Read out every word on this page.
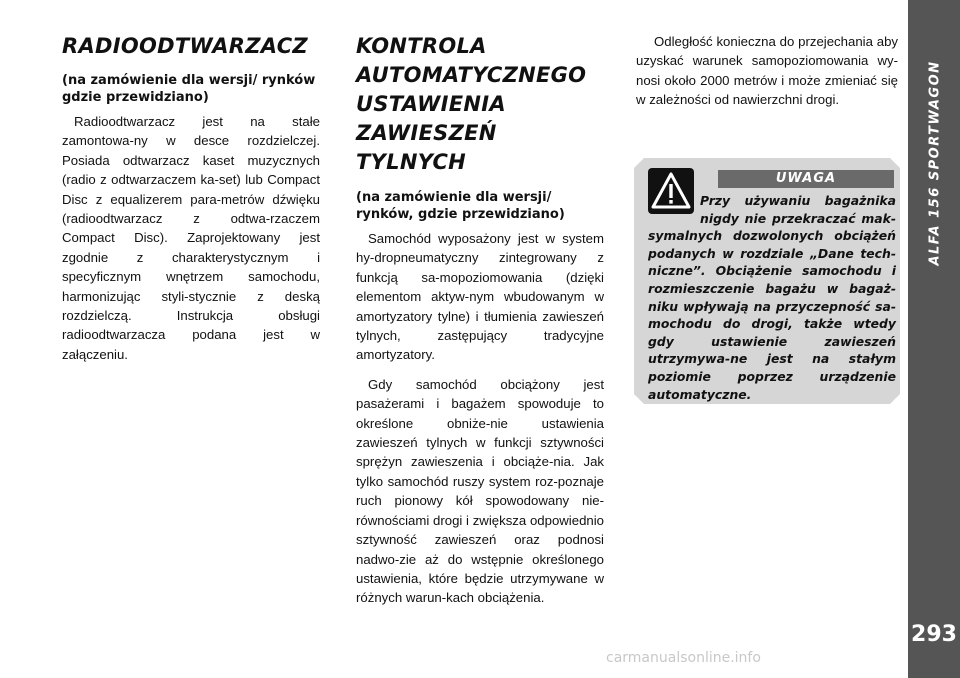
RADIOODTWARZACZ
(na zamówienie dla wersji/ rynków gdzie przewidziano)

Radioodtwarzacz jest na stałe zamontowa-ny w desce rozdzielczej. Posiada odtwarzacz kaset muzycznych (radio z odtwarzaczem ka-set) lub Compact Disc z equalizerem para-metrów dźwięku (radioodtwarzacz z odtwa-rzaczem Compact Disc). Zaprojektowany jest zgodnie z charakterystycznym i specyficznym wnętrzem samochodu, harmonizując styli-stycznie z deską rozdzielczą. Instrukcja obsługi radioodtwarzacza podana jest w załączeniu.

KONTROLA AUTOMATYCZNEGO USTAWIENIA ZAWIESZEŃ TYLNYCH
(na zamówienie dla wersji/ rynków, gdzie przewidziano)

Samochód wyposażony jest w system hy-dropneumatyczny zintegrowany z funkcją sa-mopoziomowania (dzięki elementom aktyw-nym wbudowanym w amortyzatory tylne) i tłumienia zawieszeń tylnych, zastępujący tradycyjne amortyzatory.

Gdy samochód obciążony jest pasażerami i bagażem spowoduje to określone obniże-nie ustawienia zawieszeń tylnych w funkcji sztywności sprężyn zawieszenia i obciąże-nia. Jak tylko samochód ruszy system roz-poznaje ruch pionowy kół spowodowany nie-równościami drogi i zwiększa odpowiednio sztywność zawieszeń oraz podnosi nadwo-zie aż do wstępnie określonego ustawienia, które będzie utrzymywane w różnych warun-kach obciążenia.

Odległość konieczna do przejechania aby uzyskać warunek samopoziomowania wy-nosi około 2000 metrów i może zmieniać się w zależności od nawierzchni drogi.

UWAGA
Przy używaniu bagażnika nigdy nie przekraczać mak-symalnych dozwolonych obciążeń podanych w rozdziale „Dane tech-niczne”. Obciążenie samochodu i rozmieszczenie bagażu w bagaż-niku wpływają na przyczepność sa-mochodu do drogi, także wtedy gdy ustawienie zawieszeń utrzymywa-ne jest na stałym poziomie poprzez urządzenie automatyczne.
ALFA 156 SPORTWAGON
293
carmanualsonline.info
